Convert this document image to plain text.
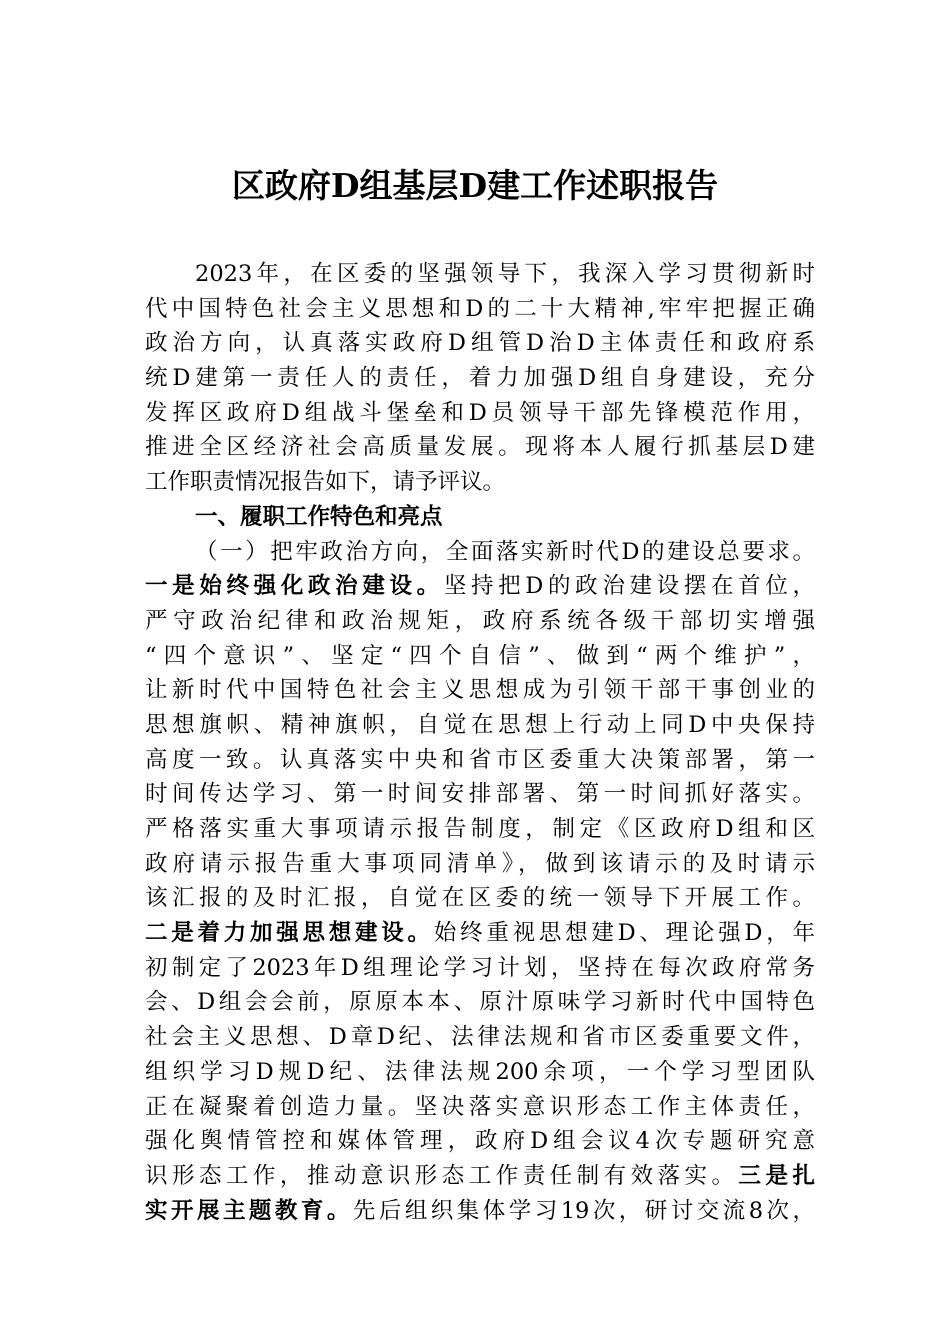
区政府D组基层D建工作述职报告
2023年，在区委的坚强领导下，我深入学习贯彻新时
代中国特色社会主义思想和D的二十大精神,牢牢把握正确
政治方向，认真落实政府D组管D治D主体责任和政府系
统D建第一责任人的责任，着力加强D组自身建设，充分
发挥区政府D组战斗堡垒和D员领导干部先锋模范作用，
推进全区经济社会高质量发展。现将本人履行抓基层D建
工作职责情况报告如下，请予评议。
一、履职工作特色和亮点
（一）把牢政治方向，全面落实新时代D的建设总要求。
一是始终强化政治建设。坚持把D的政治建设摆在首位，
严守政治纪律和政治规矩，政府系统各级干部切实增强
“四个意识”、坚定“四个自信”、做到“两个维护”，
让新时代中国特色社会主义思想成为引领干部干事创业的
思想旗帜、精神旗帜，自觉在思想上行动上同D中央保持
高度一致。认真落实中央和省市区委重大决策部署，第一
时间传达学习、第一时间安排部署、第一时间抓好落实。
严格落实重大事项请示报告制度，制定《区政府D组和区
政府请示报告重大事项同清单》，做到该请示的及时请示
该汇报的及时汇报，自觉在区委的统一领导下开展工作。
二是着力加强思想建设。始终重视思想建D、理论强D，年
初制定了2023年D组理论学习计划，坚持在每次政府常务
会、D组会会前，原原本本、原汁原味学习新时代中国特色
社会主义思想、D章D纪、法律法规和省市区委重要文件，
组织学习D规D纪、法律法规200余项，一个学习型团队
正在凝聚着创造力量。坚决落实意识形态工作主体责任，
强化舆情管控和媒体管理，政府D组会议4次专题研究意
识形态工作，推动意识形态工作责任制有效落实。三是扎
实开展主题教育。先后组织集体学习19次，研讨交流8次，
